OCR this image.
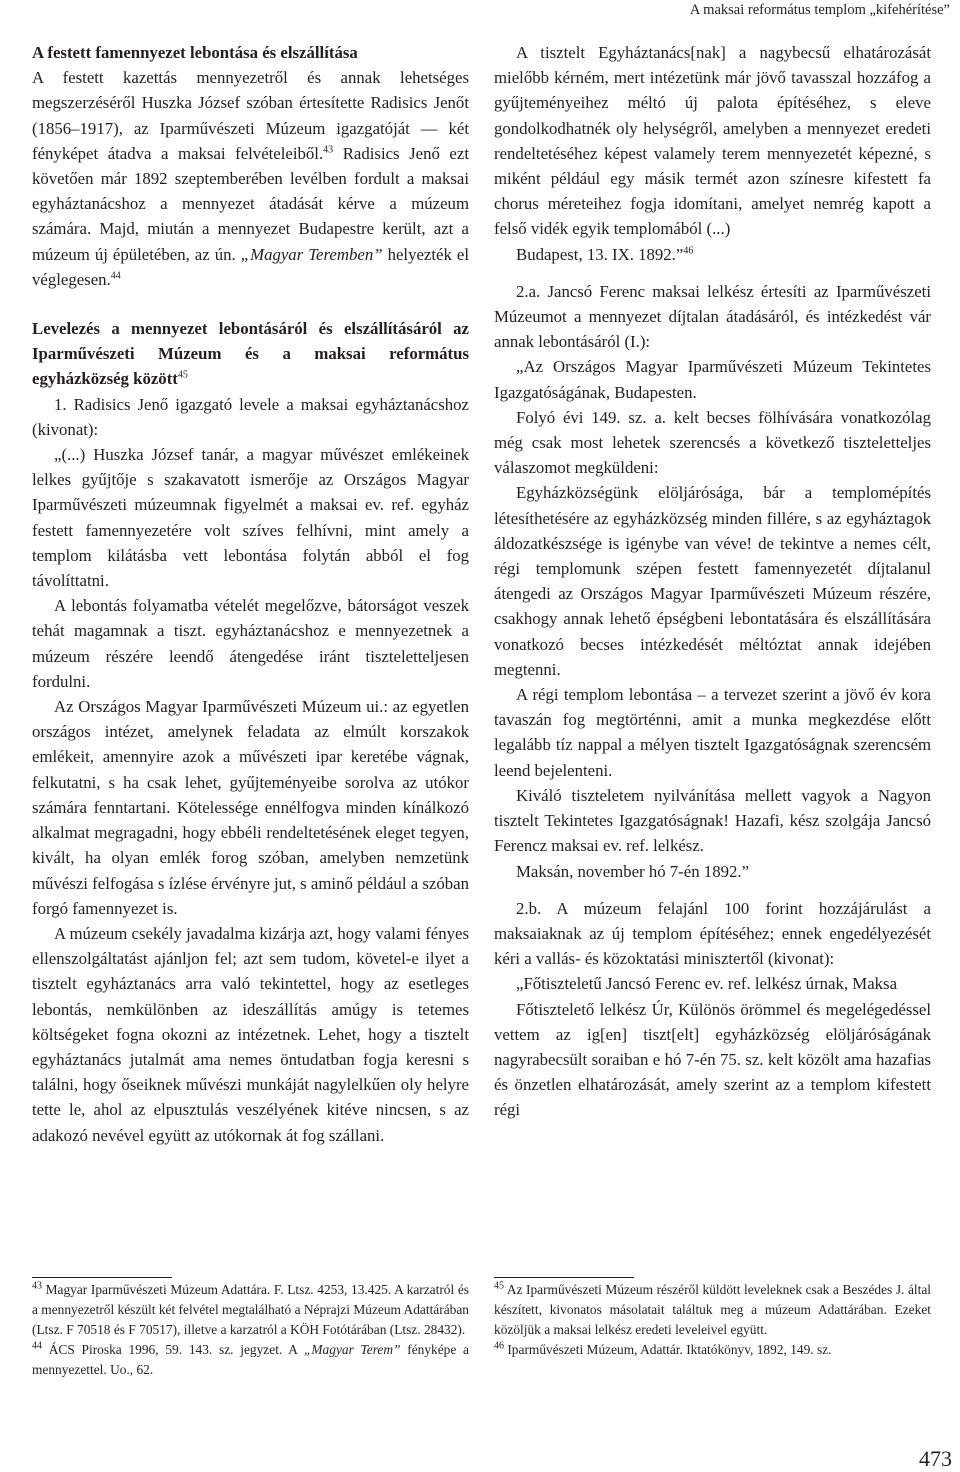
A maksai református templom „kifehérítése”

A festett famennyezet lebontása és elszállítása

A festett kazettás mennyezetről és annak lehetséges megszerzéséről Huszka József szóban értesítette Radisics Jenőt (1856–1917), az Iparművészeti Múzeum igazgatóját — két fényképet átadva a maksai felvételeiből.$^{43}$ Radisics Jenő ezt követően már 1892 szeptemberében levélben fordult a maksai egyháztanácshoz a mennyezet átadását kérve a múzeum számára. Majd, miután a mennyezet Budapestre került, azt a múzeum új épületében, az ún. „Magyar Teremben” helyezték el véglegesen.$^{44}$

Levelezés a mennyezet lebontásáról és elszállításáról az Iparművészeti Múzeum és a maksai református egyházközség között$^{45}$

1. Radisics Jenő igazgató levele a maksai egyháztanácshoz (kivonat):

„(...) Huszka József tanár, a magyar művészet emlékeinek lelkes gyűjtője s szakavatott ismerője az Országos Magyar Iparművészeti múzeumnak figyelmét a maksai ev. ref. egyház festett famennyezetére volt szíves felhívni, mint amely a templom kilátásba vett lebontása folytán abból el fog távolíttatni.

A lebontás folyamatba vételét megelőzve, bátorságot veszek tehát magamnak a tiszt. egyháztanácshoz e mennyezetnek a múzeum részére leendő átengedése iránt tiszteletteljesen fordulni.

Az Országos Magyar Iparművészeti Múzeum ui.: az egyetlen országos intézet, amelynek feladata az elmúlt korszakok emlékeit, amennyire azok a művészeti ipar keretébe vágnak, felkutatni, s ha csak lehet, gyűjteményeibe sorolva az utókor számára fenntartani. Kötelessége ennélfogva minden kínálkozó alkalmat megragadni, hogy ebbéli rendeltetésének eleget tegyen, kivált, ha olyan emlék forog szóban, amelyben nemzetünk művészi felfogása s ízlése érvényre jut, s aminő például a szóban forgó famennyezet is.

A múzeum csekély javadalma kizárja azt, hogy valami fényes ellenszolgáltatást ajánljon fel; azt sem tudom, követel-e ilyet a tisztelt egyháztanács arra való tekintettel, hogy az esetleges lebontás, nemkülönben az ideszállítás amúgy is tetemes költségeket fogna okozni az intézetnek. Lehet, hogy a tisztelt egyháztanács jutalmát ama nemes öntudatban fogja keresni s találni, hogy őseiknek művészi munkáját nagylelkűen oly helyre tette le, ahol az elpusztulás veszélyének kitéve nincsen, s az adakozó nevével együtt az utókornak át fog szállani.

A tisztelt Egyháztanács[nak] a nagybecsű elhatározását mielőbb kérném, mert intézetünk már jövő tavasszal hozzáfog a gyűjteményeihez méltó új palota építéséhez, s eleve gondolkodhatnék oly helységről, amelyben a mennyezet eredeti rendeltetéséhez képest valamely terem mennyezetét képezné, s miként például egy másik termét azon színesre kifestett fa chorus méreteihez fogja idomítani, amelyet nemrég kapott a felső vidék egyik templomából (...)

Budapest, 13. IX. 1892.”$^{46}$

2.a. Jancsó Ferenc maksai lelkész értesíti az Iparművészeti Múzeumot a mennyezet díjtalan átadásáról, és intézkedést vár annak lebontásáról (I.):

„Az Országos Magyar Iparművészeti Múzeum Tekintetes Igazgatóságának, Budapesten.

Folyó évi 149. sz. a. kelt becses fölhívására vonatkozólag még csak most lehetek szerencsés a következő tiszteletteljes válaszomot megküldeni:

Egyházközségünk elöljárósága, bár a templomépítés létesíthetésére az egyházközség minden fillére, s az egyháztagok áldozatkészsége is igénybe van véve! de tekintve a nemes célt, régi templomunk szépen festett famennyezetét díjtalanul átengedi az Országos Magyar Iparművészeti Múzeum részére, csakhogy annak lehető épségbeni lebontatására és elszállítására vonatkozó becses intézkedését méltóztat annak idejében megtenni.

A régi templom lebontása – a tervezet szerint a jövő év kora tavaszán fog megtörténni, amit a munka megkezdése előtt legalább tíz nappal a mélyen tisztelt Igazgatóságnak szerencsém leend bejelenteni.

Kiváló tiszteletem nyilvánítása mellett vagyok a Nagyon tisztelt Tekintetes Igazgatóságnak! Hazafi, kész szolgája Jancsó Ferencz maksai ev. ref. lelkész.

Maksán, november hó 7-én 1892.”

2.b. A múzeum felajánl 100 forint hozzájárulást a maksaiaknak az új templom építéséhez; ennek engedélyezését kéri a vallás- és közoktatási minisztertől (kivonat):

„Főtiszteletű Jancsó Ferenc ev. ref. lelkész úrnak, Maksa

Főtisztelető lelkész Úr, Különös örömmel és megelégedéssel vettem az ig[en] tiszt[elt] egyházközség elöljáróságának nagyrabecsült soraiban e hó 7-én 75. sz. kelt közölt ama hazafias és önzetlen elhatározását, amely szerint az a templom kifestett régi

$^{43}$ Magyar Iparművészeti Múzeum Adattára. F. Ltsz. 4253, 13.425. A karzatról és a mennyezetről készült két felvétel megtalálható a Néprajzi Múzeum Adattárában (Ltsz. F 70518 és F 70517), illetve a karzatról a KÖH Fotótárában (Ltsz. 28432).

$^{44}$ ÁCS Piroska 1996, 59. 143. sz. jegyzet. A „Magyar Terem” fényképe a mennyezettel. Uo., 62.

$^{45}$ Az Iparművészeti Múzeum részéről küldött leveleknek csak a Beszédes J. által készített, kivonatos másolatait találtuk meg a múzeum Adattárában. Ezeket közöljük a maksai lelkész eredeti leveleivel együtt.

$^{46}$ Iparművészeti Múzeum, Adattár. Iktatókönyv, 1892, 149. sz.

473
